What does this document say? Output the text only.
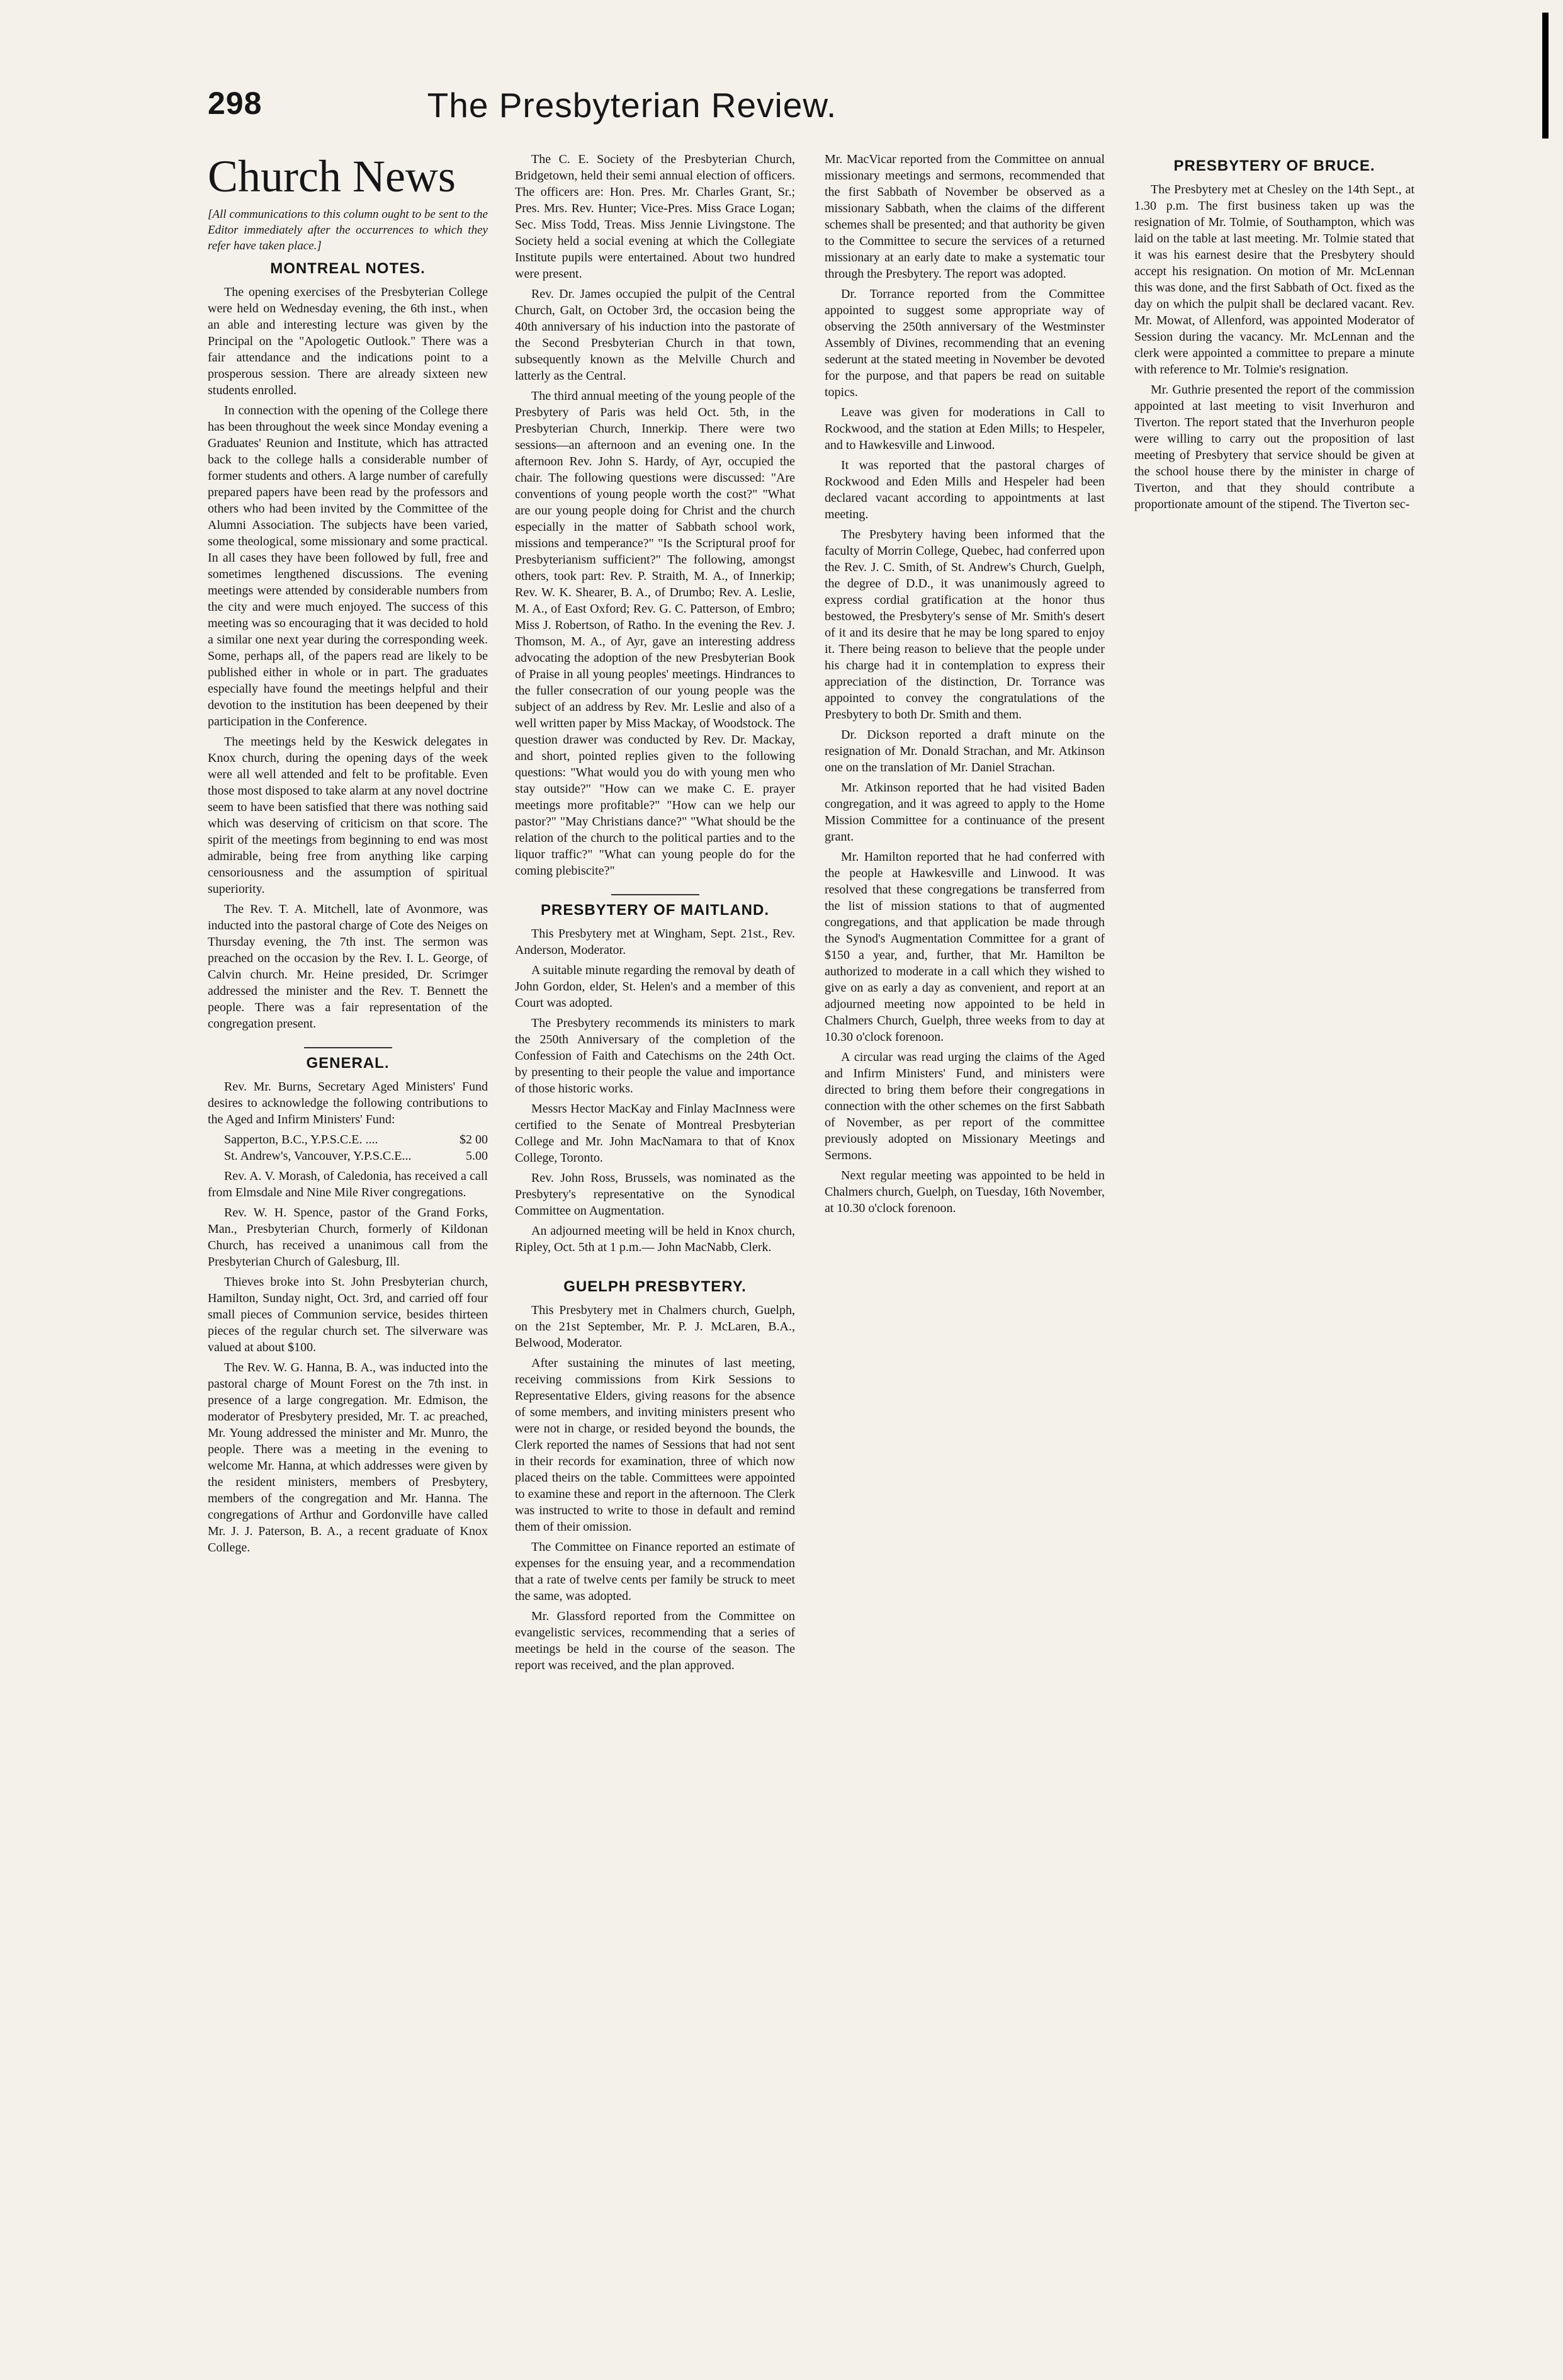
298	The Presbyterian Review.
Church News

[All communications to this column ought to be sent to the Editor immediately after the occurrences to which they refer have taken place.]

MONTREAL NOTES.

The opening exercises of the Presbyterian College were held on Wednesday evening, the 6th inst., when an able and interesting lecture was given by the Principal on the "Apologetic Outlook." There was a fair attendance and the indications point to a prosperous session. There are already sixteen new students enrolled.

In connection with the opening of the College there has been throughout the week since Monday evening a Graduates' Reunion and Institute, which has attracted back to the college halls a considerable number of former students and others. A large number of carefully prepared papers have been read by the professors and others who had been invited by the Committee of the Alumni Association. The subjects have been varied, some theological, some missionary and some practical. In all cases they have been followed by full, free and sometimes lengthened discussions. The evening meetings were attended by considerable numbers from the city and were much enjoyed. The success of this meeting was so encouraging that it was decided to hold a similar one next year during the corresponding week. Some, perhaps all, of the papers read are likely to be published either in whole or in part. The graduates especially have found the meetings helpful and their devotion to the institution has been deepened by their participation in the Conference.

The meetings held by the Keswick delegates in Knox church, during the opening days of the week were all well attended and felt to be profitable. Even those most disposed to take alarm at any novel doctrine seem to have been satisfied that there was nothing said which was deserving of criticism on that score. The spirit of the meetings from beginning to end was most admirable, being free from anything like carping censoriousness and the assumption of spiritual superiority.

The Rev. T. A. Mitchell, late of Avonmore, was inducted into the pastoral charge of Cote des Neiges on Thursday evening, the 7th inst. The sermon was preached on the occasion by the Rev. I. L. George, of Calvin church. Mr. Heine presided, Dr. Scrimger addressed the minister and the Rev. T. Bennett the people. There was a fair representation of the congregation present.

GENERAL.

Rev. Mr. Burns, Secretary Aged Ministers' Fund desires to acknowledge the following contributions to the Aged and Infirm Ministers' Fund:

Sapperton, B.C., Y.P.S.C.E. ....	$2 00
St. Andrew's, Vancouver, Y.P.S.C.E...	5.00

Rev. A. V. Morash, of Caledonia, has received a call from Elmsdale and Nine Mile River congregations.

Rev. W. H. Spence, pastor of the Grand Forks, Man., Presbyterian Church, formerly of Kildonan Church, has received a unanimous call from the Presbyterian Church of Galesburg, Ill.

Thieves broke into St. John Presbyterian church, Hamilton, Sunday night, Oct. 3rd, and carried off four small pieces of Communion service, besides thirteen pieces of the regular church set. The silverware was valued at about $100.

The Rev. W. G. Hanna, B. A., was inducted into the pastoral charge of Mount Forest on the 7th inst. in presence of a large congregation. Mr. Edmison, the moderator of Presbytery presided, Mr. T. ac preached, Mr. Young addressed the minister and Mr. Munro, the people. There was a meeting in the evening to welcome Mr. Hanna, at which addresses were given by the resident ministers, members of Presbytery, members of the congregation and Mr. Hanna. The congregations of Arthur and Gordonville have called Mr. J. J. Paterson, B. A., a recent graduate of Knox College.

The C. E. Society of the Presbyterian Church, Bridgetown, held their semi annual election of officers. The officers are: Hon. Pres. Mr. Charles Grant, Sr.; Pres. Mrs. Rev. Hunter; Vice-Pres. Miss Grace Logan; Sec. Miss Todd, Treas. Miss Jennie Livingstone. The Society held a social evening at which the Collegiate Institute pupils were entertained. About two hundred were present.

Rev. Dr. James occupied the pulpit of the Central Church, Galt, on October 3rd, the occasion being the 40th anniversary of his induction into the pastorate of the Second Presbyterian Church in that town, subsequently known as the Melville Church and latterly as the Central.

The third annual meeting of the young people of the Presbytery of Paris was held Oct. 5th, in the Presbyterian Church, Innerkip. There were two sessions—an afternoon and an evening one. In the afternoon Rev. John S. Hardy, of Ayr, occupied the chair. The following questions were discussed: "Are conventions of young people worth the cost?" "What are our young people doing for Christ and the church especially in the matter of Sabbath school work, missions and temperance?" "Is the Scriptural proof for Presbyterianism sufficient?" The following, amongst others, took part: Rev. P. Straith, M. A., of Innerkip; Rev. W. K. Shearer, B. A., of Drumbo; Rev. A. Leslie, M. A., of East Oxford; Rev. G. C. Patterson, of Embro; Miss J. Robertson, of Ratho. In the evening the Rev. J. Thomson, M. A., of Ayr, gave an interesting address advocating the adoption of the new Presbyterian Book of Praise in all young peoples' meetings. Hindrances to the fuller consecration of our young people was the subject of an address by Rev. Mr. Leslie and also of a well written paper by Miss Mackay, of Woodstock. The question drawer was conducted by Rev. Dr. Mackay, and short, pointed replies given to the following questions: "What would you do with young men who stay outside?" "How can we make C. E. prayer meetings more profitable?" "How can we help our pastor?" "May Christians dance?" "What should be the relation of the church to the political parties and to the liquor traffic?" "What can young people do for the coming plebiscite?"

PRESBYTERY OF MAITLAND.

This Presbytery met at Wingham, Sept. 21st., Rev. Anderson, Moderator.

A suitable minute regarding the removal by death of John Gordon, elder, St. Helen's and a member of this Court was adopted.

The Presbytery recommends its ministers to mark the 250th Anniversary of the completion of the Confession of Faith and Catechisms on the 24th Oct. by presenting to their people the value and importance of those historic works.

Messrs Hector MacKay and Finlay MacInness were certified to the Senate of Montreal Presbyterian College and Mr. John MacNamara to that of Knox College, Toronto.

Rev. John Ross, Brussels, was nominated as the Presbytery's representative on the Synodical Committee on Augmentation.

An adjourned meeting will be held in Knox church, Ripley, Oct. 5th at 1 p.m.— John MacNabb, Clerk.

GUELPH PRESBYTERY.

This Presbytery met in Chalmers church, Guelph, on the 21st September, Mr. P. J. McLaren, B.A., Belwood, Moderator.

After sustaining the minutes of last meeting, receiving commissions from Kirk Sessions to Representative Elders, giving reasons for the absence of some members, and inviting ministers present who were not in charge, or resided beyond the bounds, the Clerk reported the names of Sessions that had not sent in their records for examination, three of which now placed theirs on the table. Committees were appointed to examine these and report in the afternoon. The Clerk was instructed to write to those in default and remind them of their omission.

The Committee on Finance reported an estimate of expenses for the ensuing year, and a recommendation that a rate of twelve cents per family be struck to meet the same, was adopted.

Mr. Glassford reported from the Committee on evangelistic services, recommending that a series of meetings be held in the course of the season. The report was received, and the plan approved.

Mr. MacVicar reported from the Committee on annual missionary meetings and sermons, recommended that the first Sabbath of November be observed as a missionary Sabbath, when the claims of the different schemes shall be presented; and that authority be given to the Committee to secure the services of a returned missionary at an early date to make a systematic tour through the Presbytery. The report was adopted.

Dr. Torrance reported from the Committee appointed to suggest some appropriate way of observing the 250th anniversary of the Westminster Assembly of Divines, recommending that an evening sederunt at the stated meeting in November be devoted for the purpose, and that papers be read on suitable topics.

Leave was given for moderations in Call to Rockwood, and the station at Eden Mills; to Hespeler, and to Hawkesville and Linwood.

It was reported that the pastoral charges of Rockwood and Eden Mills and Hespeler had been declared vacant according to appointments at last meeting.

The Presbytery having been informed that the faculty of Morrin College, Quebec, had conferred upon the Rev. J. C. Smith, of St. Andrew's Church, Guelph, the degree of D.D., it was unanimously agreed to express cordial gratification at the honor thus bestowed, the Presbytery's sense of Mr. Smith's desert of it and its desire that he may be long spared to enjoy it. There being reason to believe that the people under his charge had it in contemplation to express their appreciation of the distinction, Dr. Torrance was appointed to convey the congratulations of the Presbytery to both Dr. Smith and them.

Dr. Dickson reported a draft minute on the resignation of Mr. Donald Strachan, and Mr. Atkinson one on the translation of Mr. Daniel Strachan.

Mr. Atkinson reported that he had visited Baden congregation, and it was agreed to apply to the Home Mission Committee for a continuance of the present grant.

Mr. Hamilton reported that he had conferred with the people at Hawkesville and Linwood. It was resolved that these congregations be transferred from the list of mission stations to that of augmented congregations, and that application be made through the Synod's Augmentation Committee for a grant of $150 a year, and, further, that Mr. Hamilton be authorized to moderate in a call which they wished to give on as early a day as convenient, and report at an adjourned meeting now appointed to be held in Chalmers Church, Guelph, three weeks from to day at 10.30 o'clock forenoon.

A circular was read urging the claims of the Aged and Infirm Ministers' Fund, and ministers were directed to bring them before their congregations in connection with the other schemes on the first Sabbath of November, as per report of the committee previously adopted on Missionary Meetings and Sermons.

Next regular meeting was appointed to be held in Chalmers church, Guelph, on Tuesday, 16th November, at 10.30 o'clock forenoon.

PRESBYTERY OF BRUCE.

The Presbytery met at Chesley on the 14th Sept., at 1.30 p.m. The first business taken up was the resignation of Mr. Tolmie, of Southampton, which was laid on the table at last meeting. Mr. Tolmie stated that it was his earnest desire that the Presbytery should accept his resignation. On motion of Mr. McLennan this was done, and the first Sabbath of Oct. fixed as the day on which the pulpit shall be declared vacant. Rev. Mr. Mowat, of Allenford, was appointed Moderator of Session during the vacancy. Mr. McLennan and the clerk were appointed a committee to prepare a minute with reference to Mr. Tolmie's resignation.

Mr. Guthrie presented the report of the commission appointed at last meeting to visit Inverhuron and Tiverton. The report stated that the Inverhuron people were willing to carry out the proposition of last meeting of Presbytery that service should be given at the school house there by the minister in charge of Tiverton, and that they should contribute a proportionate amount of the stipend. The Tiverton sec-
